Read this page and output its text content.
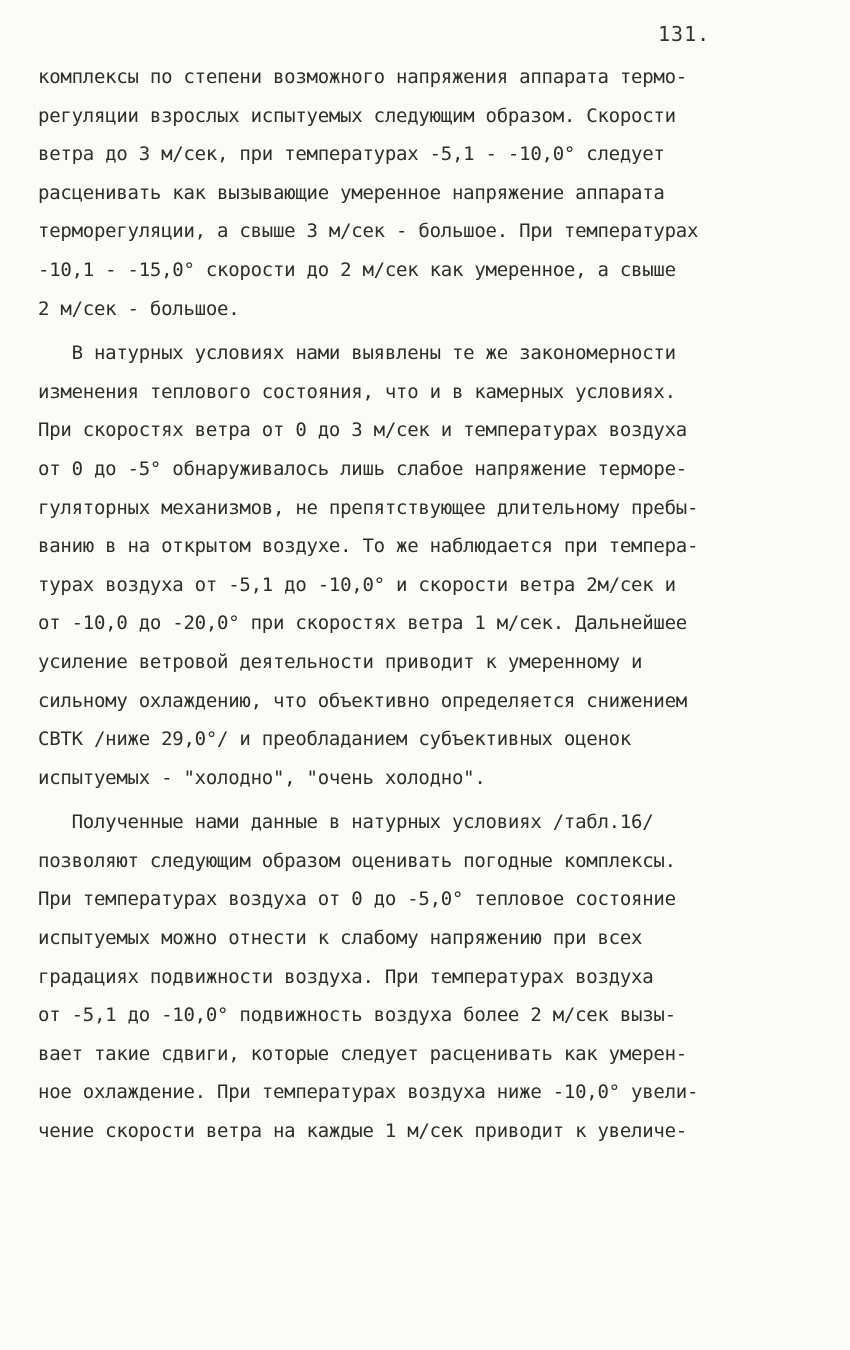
131.
комплексы по степени возможного напряжения аппарата термо-
регуляции взрослых испытуемых следующим образом. Скорости
ветра до 3 м/сек, при температурах -5,1 - -10,0° следует
расценивать как вызывающие умеренное напряжение аппарата
терморегуляции, а свыше 3 м/сек - большое. При температурах
-10,1 - -15,0° скорости до 2 м/сек как умеренное, а свыше
2 м/сек - большое.
В натурных условиях нами выявлены те же закономерности
изменения теплового состояния, что и в камерных условиях.
При скоростях ветра от 0 до 3 м/сек и температурах воздуха
от 0 до -5° обнаруживалось лишь слабое напряжение терморе-
гуляторных механизмов, не препятствующее длительному пребы-
ванию в на открытом воздухе. То же наблюдается при темпера-
турах воздуха от -5,1 до -10,0° и скорости ветра 2м/сек и
от -10,0 до -20,0° при скоростях ветра 1 м/сек. Дальнейшее
усиление ветровой деятельности приводит к умеренному и
сильному охлаждению, что объективно определяется снижением
СВТК /ниже 29,0°/ и преобладанием субъективных оценок
испытуемых - "холодно", "очень холодно".
Полученные нами данные в натурных условиях /табл.16/
позволяют следующим образом оценивать погодные комплексы.
При температурах воздуха от 0 до -5,0° тепловое состояние
испытуемых можно отнести к слабому напряжению при всех
градациях подвижности воздуха. При температурах воздуха
от -5,1 до -10,0° подвижность воздуха более 2 м/сек вызы-
вает такие сдвиги, которые следует расценивать как умерен-
ное охлаждение. При температурах воздуха ниже -10,0° увели-
чение скорости ветра на каждые 1 м/сек приводит к увеличе-
